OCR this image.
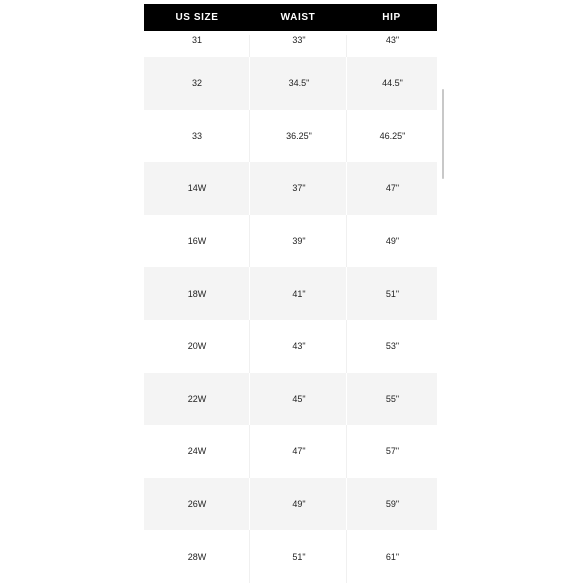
US SIZE	WAIST	HIP
31	33"	43"
32	34.5"	44.5"
33	36.25"	46.25"
14W	37"	47"
16W	39"	49"
18W	41"	51"
20W	43"	53"
22W	45"	55"
24W	47"	57"
26W	49"	59"
28W	51"	61"
